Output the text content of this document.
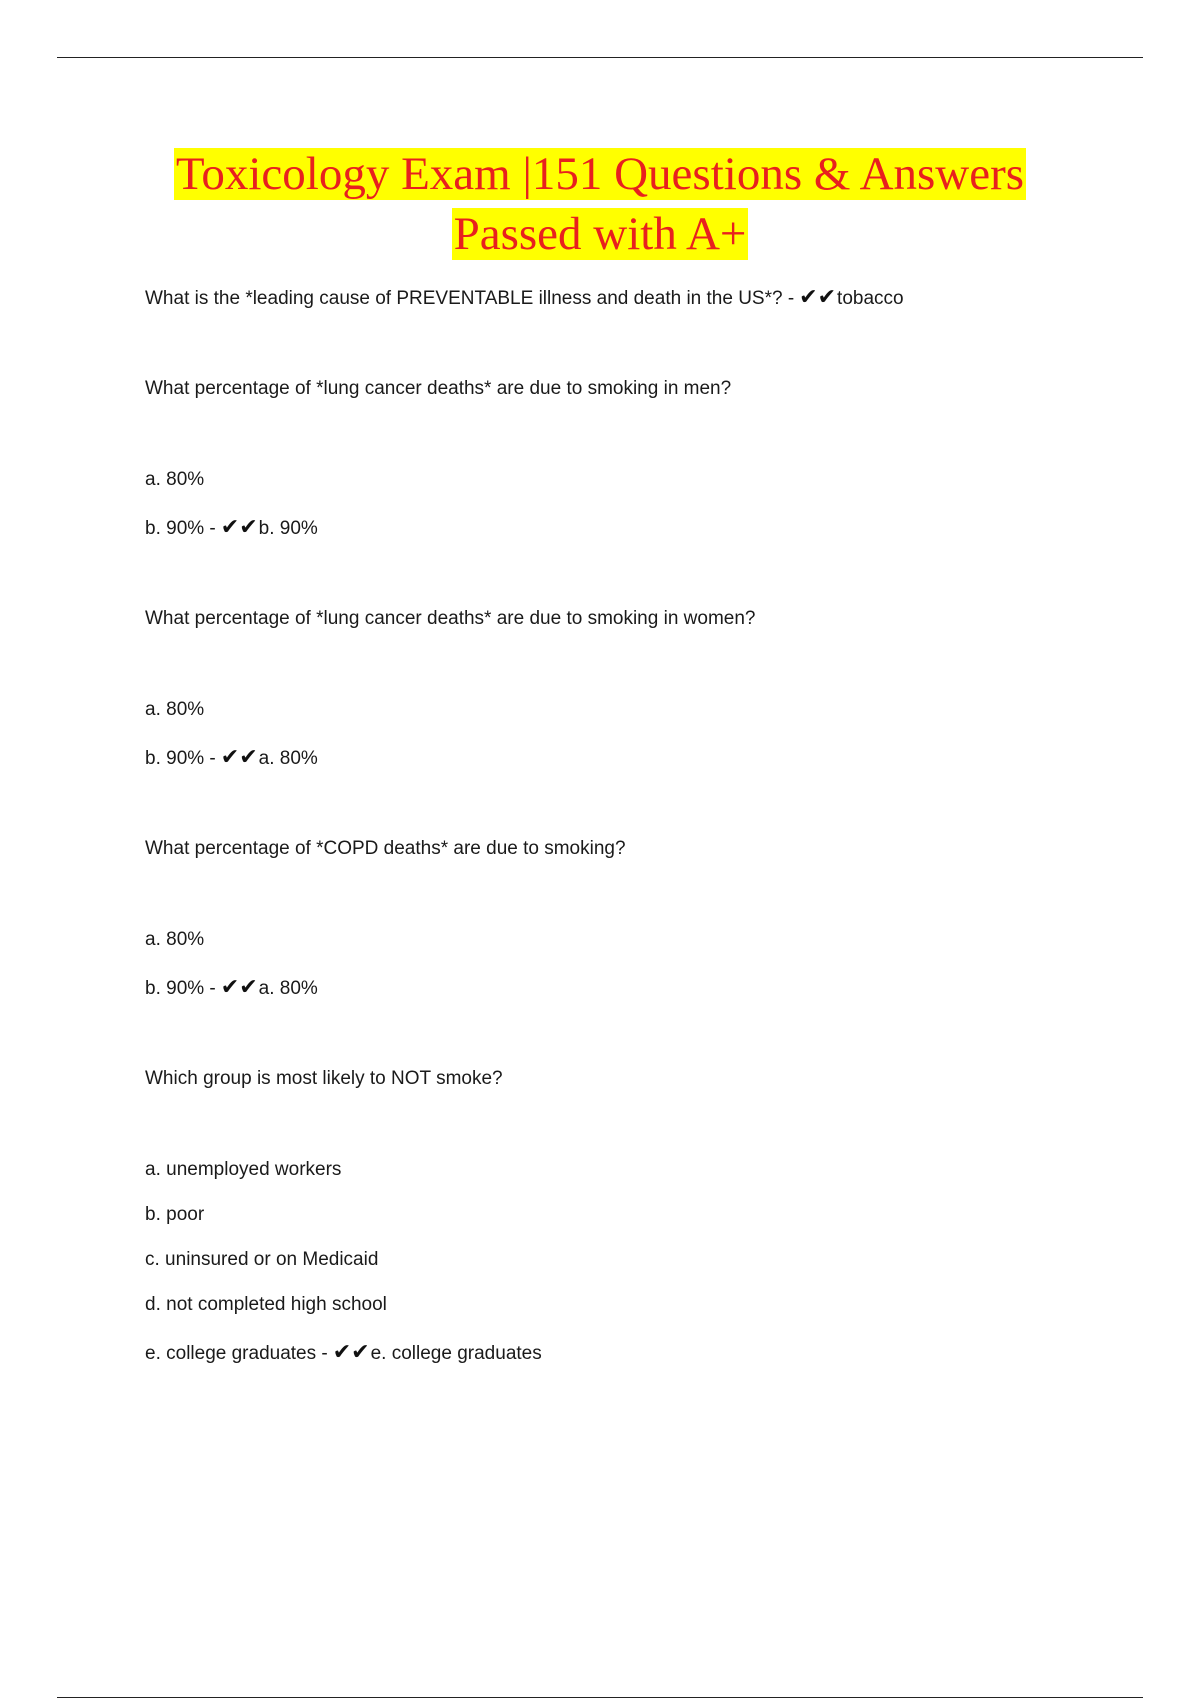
Toxicology Exam |151 Questions & Answers
Passed with A+
What is the *leading cause of PREVENTABLE illness and death in the US*? - ✔✔tobacco
What percentage of *lung cancer deaths* are due to smoking in men?
a. 80%
b. 90% - ✔✔b. 90%
What percentage of *lung cancer deaths* are due to smoking in women?
a. 80%
b. 90% - ✔✔a. 80%
What percentage of *COPD deaths* are due to smoking?
a. 80%
b. 90% - ✔✔a. 80%
Which group is most likely to NOT smoke?
a. unemployed workers
b. poor
c. uninsured or on Medicaid
d. not completed high school
e. college graduates - ✔✔e. college graduates
